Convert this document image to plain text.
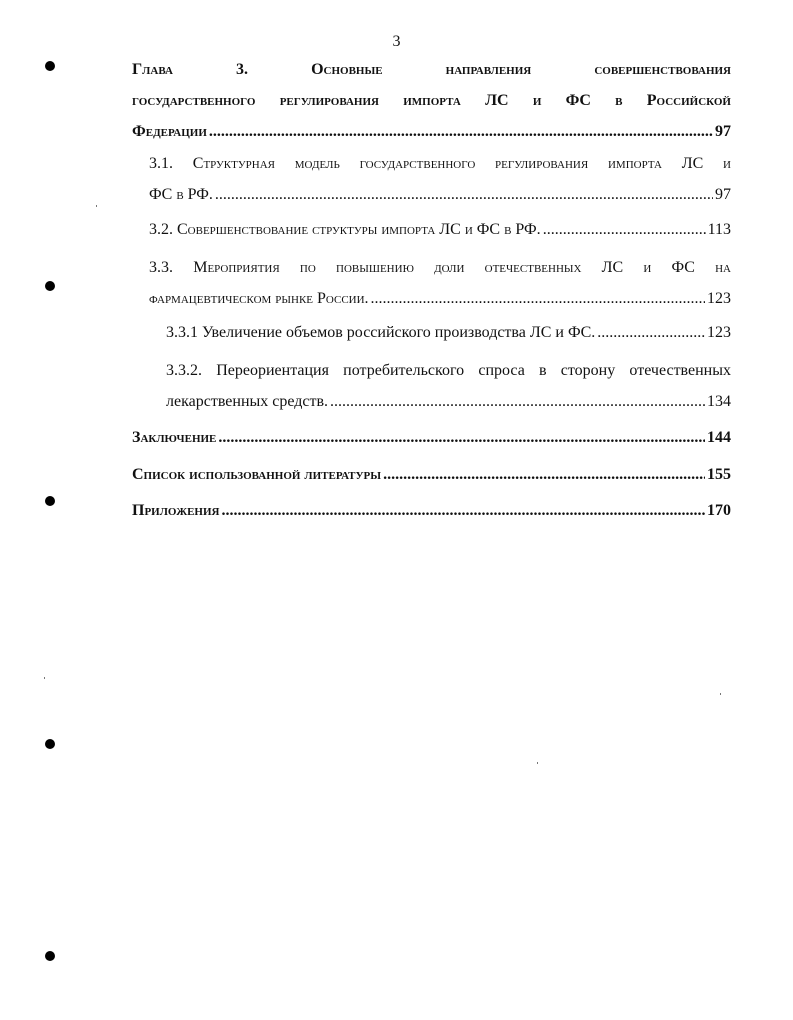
3
Глава 3. Основные направления совершенствования
государственного регулирования импорта ЛС и ФС в Российской
Федерации .....	97
3.1. Структурная модель государственного регулирования импорта ЛС и
ФС в РФ. .....	97
3.2. Совершенствование структуры импорта ЛС и ФС в РФ. .....	113
3.3. Мероприятия по повышению доли отечественных ЛС и ФС на
фармацевтическом рынке России. .....	123
3.3.1 Увеличение объемов российского производства ЛС и ФС. .....	123
3.3.2. Переориентация потребительского спроса в сторону отечественных
лекарственных средств. .....	134
Заключение .....	144
Список использованной литературы .....	155
Приложения .....	170
